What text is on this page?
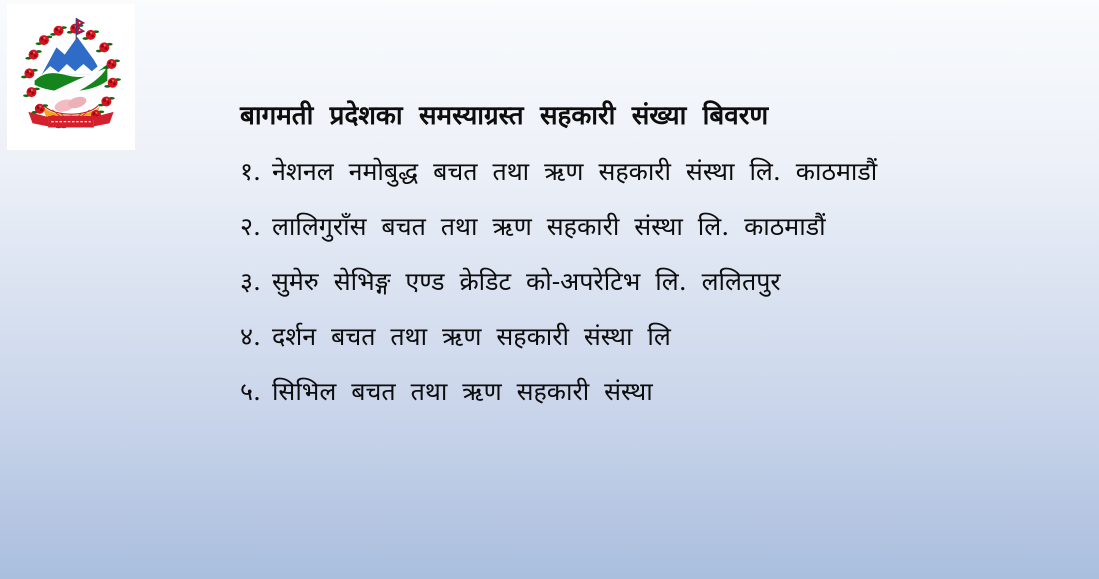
बागमती प्रदेशका समस्याग्रस्त सहकारी संख्या बिवरण
१. नेशनल नमोबुद्ध बचत तथा ऋण सहकारी संस्था लि. काठमाडौं
२. लालिगुराँस बचत तथा ऋण सहकारी संस्था लि. काठमाडौं
३. सुमेरु सेभिङ्ग एण्ड क्रेडिट को-अपरेटिभ लि. ललितपुर
४. दर्शन बचत तथा ऋण सहकारी संस्था लि
५. सिभिल बचत तथा ऋण सहकारी संस्था
